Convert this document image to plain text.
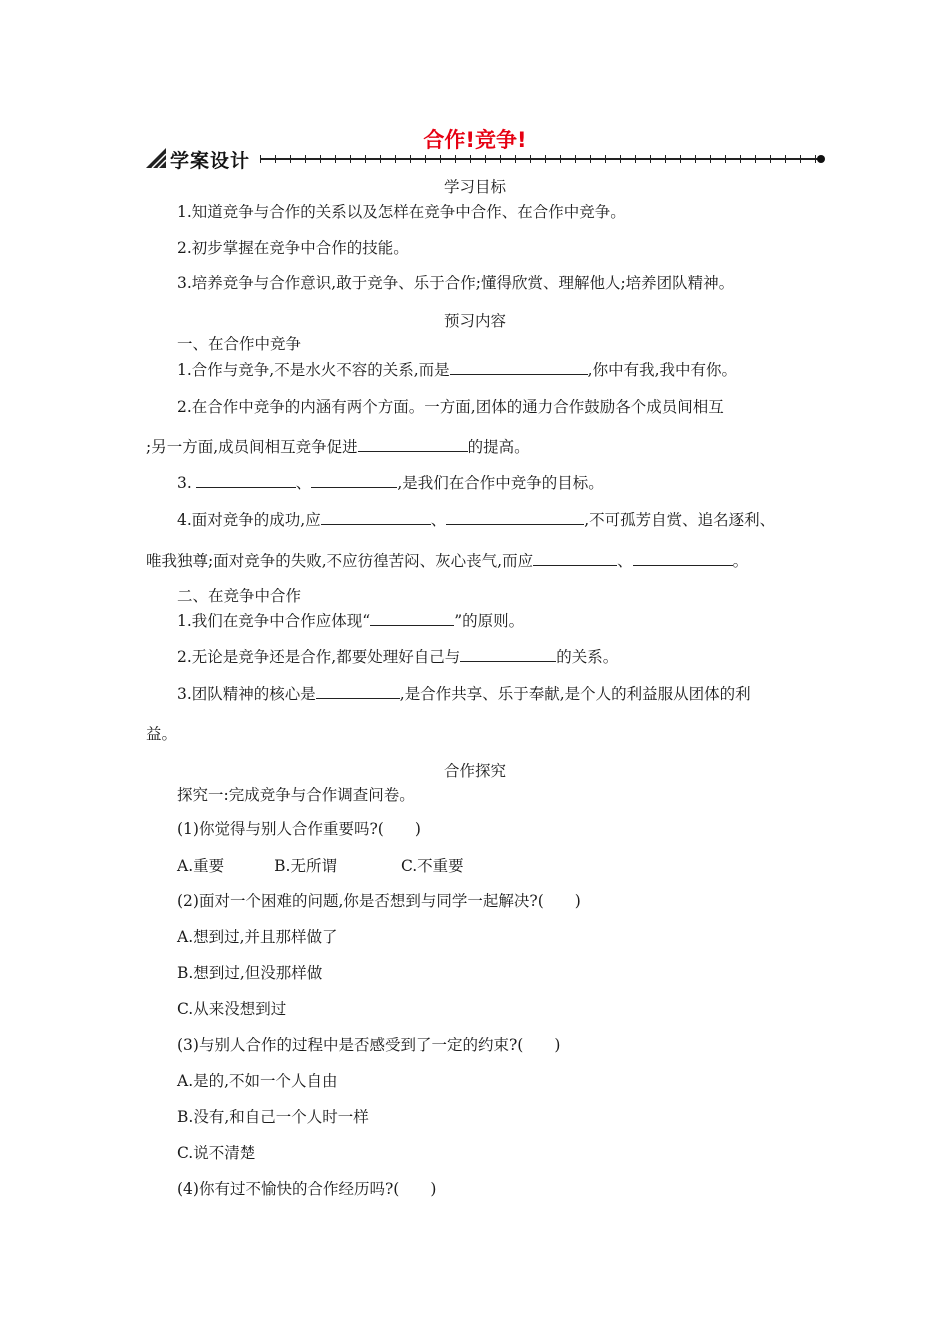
合作!竞争!
学案设计
学习目标
1.知道竞争与合作的关系以及怎样在竞争中合作、在合作中竞争。
2.初步掌握在竞争中合作的技能。
3.培养竞争与合作意识,敢于竞争、乐于合作;懂得欣赏、理解他人;培养团队精神。
预习内容
一、在合作中竞争
1.合作与竞争,不是水火不容的关系,而是	,你中有我,我中有你。
2.在合作中竞争的内涵有两个方面。一方面,团体的通力合作鼓励各个成员间相互
;另一方面,成员间相互竞争促进	的提高。
3.	、	,是我们在合作中竞争的目标。
4.面对竞争的成功,应	、	,不可孤芳自赏、追名逐利、
唯我独尊;面对竞争的失败,不应彷徨苦闷、灰心丧气,而应	、	。
二、在竞争中合作
1.我们在竞争中合作应体现“	”的原则。
2.无论是竞争还是合作,都要处理好自己与	的关系。
3.团队精神的核心是	,是合作共享、乐于奉献,是个人的利益服从团体的利
益。
合作探究
探究一:完成竞争与合作调查问卷。
(1)你觉得与别人合作重要吗?(　　)
A.重要	B.无所谓	C.不重要
(2)面对一个困难的问题,你是否想到与同学一起解决?(　　)
A.想到过,并且那样做了
B.想到过,但没那样做
C.从来没想到过
(3)与别人合作的过程中是否感受到了一定的约束?(　　)
A.是的,不如一个人自由
B.没有,和自己一个人时一样
C.说不清楚
(4)你有过不愉快的合作经历吗?(　　)
